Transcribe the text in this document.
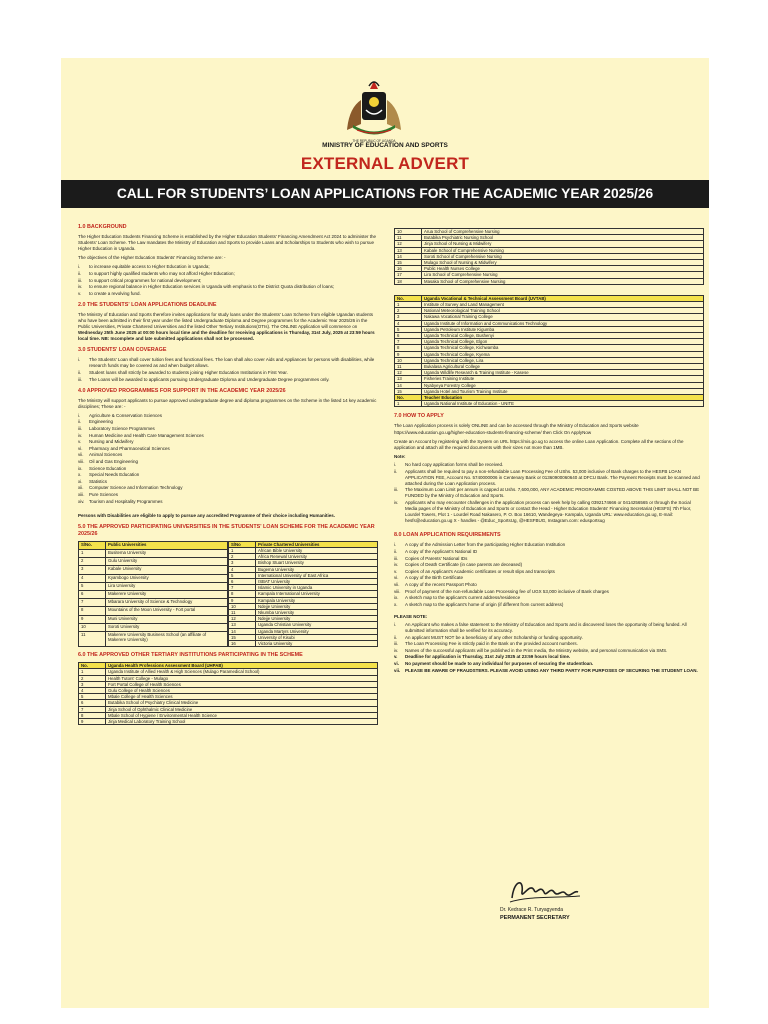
THE REPUBLIC OF UGANDA
MINISTRY OF EDUCATION AND SPORTS
EXTERNAL ADVERT
CALL FOR STUDENTS’ LOAN APPLICATIONS FOR THE ACADEMIC YEAR 2025/26
1.0 BACKGROUND
The Higher Education Students Financing Scheme is established by the Higher Education Students' Financing Amendment Act 2024 to administer the Students' Loan Scheme. The Law mandates the Ministry of Education and Sports to provide Loans and Scholarships to Students who wish to pursue Higher Education in Uganda.
The objectives of the Higher Education Students' Financing Scheme are: -
i.	to increase equitable access to Higher Education in Uganda;
ii.	to support highly qualified students who may not afford Higher Education;
iii.	to support critical programmes for national development;
iv.	to ensure regional balance in Higher Education services in Uganda with emphasis to the District Quota distribution of loans;
v.	to create a revolving fund.
2.0 THE STUDENTS' LOAN APPLICATIONS DEADLINE
The Ministry of Education and Sports therefore invites applications for study loans under the Students' Loan Scheme from eligible Ugandan students who have been admitted in their first year under the listed Undergraduate Diploma and Degree programmes for the Academic Year 2025/26 in the Public Universities, Private Chartered Universities and the listed Other Tertiary Institutions(OTIs). The ONLINE Application will commence on Wednesday 25th June 2025 at 00:00 hours local time and the deadline for receiving applications is Thursday, 31st July, 2025 at 23:59 hours local time. NB: Incomplete and late submitted applications shall not be processed.
3.0 STUDENTS' LOAN COVERAGE
i.	The Students' Loan shall cover tuition fees and functional fees. The loan shall also cover Aids and Appliances for persons with disabilities, while research funds may be covered as and when budget allows.
ii.	Student loans shall strictly be awarded to students joining Higher Education Institutions in First Year.
iii.	The Loans will be awarded to applicants pursuing Undergraduate Diploma and Undergraduate Degree programmes only.
4.0 APPROVED PROGRAMMES FOR SUPPORT IN THE ACADEMIC YEAR 2025/26
The Ministry will support applicants to pursue approved undergraduate degree and diploma programmes on the Scheme in the listed 14 key academic disciplines; These are: -
i.	Agriculture & Conservation Sciences
ii.	Engineering
iii.	Laboratory Science Programmes
iv.	Human Medicine and Health Care Management Sciences
v.	Nursing and Midwifery
vi.	Pharmacy and Pharmaceutical Sciences
vii.	Animal Sciences
viii.	Oil and Gas Engineering
ix.	Science Education
x.	Special Needs Education
xi.	Statistics
xii.	Computer Science and Information Technology
xiii.	Pure Sciences
xiv.	Tourism and Hospitality Programmes
Persons with Disabilities are eligible to apply to pursue any accredited Programme of their choice including Humanities.
5.0 THE APPROVED PARTICIPATING UNIVERSITIES IN THE STUDENTS' LOAN SCHEME FOR THE ACADEMIC YEAR 2025/26
S/No.	Public Universities
1	Busitema University
2	Gulu University
3	Kabale University
4	Kyambogo University
5	Lira University
6	Makerere University
7	Mbarara University of Science & Technology
8	Mountains of the Moon University - Fort portal
9	Muni University
10	Soroti University
11	Makerere University Business School (an affiliate of Makerere University)
S/No	Private Chartered Universities
1	African Bible University
2	Africa Renewal University
3	Bishop Stuart University
4	Bugema University
5	International University of East Africa
6	ISBAT University
7	Islamic University in Uganda
8	Kampala International University
9	Kampala University
10	Ndejje University
11	Nkumba University
12	Ndejje University
13	Uganda Christian University
14	Uganda Martyrs University
15	University of Kisubi
16	Victoria University
6.0 THE APPROVED OTHER TERTIARY INSTITUTIONS PARTICIPATING IN THE SCHEME
No.	Uganda Health Professions Assessment Board (UHPAB)
1	Uganda Institute of Allied Health & High Sciences (Mulago Paramedical School)
2	Health Tutors' College - Mulago
3	Fort Portal College of Health Sciences
4	Gulu College of Health Sciences
5	Mbale College of Health Sciences
6	Butabika School of Psychiatry Clinical Medicine
7	Jinja School of Ophthalmic Clinical Medicine
8	Mbale School of Hygiene / Environmental Health Science
9	Jinja Medical Laboratory Training School
10	Arua School of Comprehensive Nursing
11	Butabika Psychiatric Nursing School
12	Jinja School of Nursing & Midwifery
13	Kabale School of Comprehensive Nursing
14	Soroti School of Comprehensive Nursing
15	Mulago School of Nursing & Midwifery
16	Public Health Nurses College
17	Lira School of Comprehensive Nursing
18	Masaka School of Comprehensive Nursing
No.	Uganda Vocational & Technical Assessment Board (UVTAB)
1	Institute of Survey and Land Management
2	National Meteorological Training School
3	Nakawa Vocational Training College
4	Uganda Institute of Information and Communications Technology
5	Uganda Petroleum Institute Kigumba
6	Uganda Technical College, Bushenyi
7	Uganda Technical College, Elgon
8	Uganda Technical College, Kichwamba
9	Uganda Technical College, Kyema
10	Uganda Technical College, Lira
11	Bukalasa Agricultural College
12	Uganda Wildlife Research & Training Institute - Kasese
13	Fisheries Training Institute
14	Nyabyeya Forestry College
15	Uganda Hotel and Tourism Training Institute
No.	Teacher Education
1	Uganda National Institute of Education - UNITE
7.0 HOW TO APPLY
The Loan Application process is solely ONLINE and can be accessed through the Ministry of Education and Sports website https://www.education.go.ug/higher-education-students-financing-scheme/ then Click On ApplyNow
Create an Account by registering with the System on URL https://mis.go.ug to access the online Loan Application. Complete all the sections of the application and attach all the required documents with their sizes not more than 1MB.
Note:
i.	No hard copy application forms shall be received.
ii.	Applicants shall be required to pay a non-refundable Loan Processing Fee of UShs. 53,000 inclusive of Bank charges to the HESFB LOAN APPLICATION FEE, Account No. 5740000006 in Centenary Bank or 01360900060640 at DFCU Bank. The Payment Receipts must be scanned and attached during the Loan Application process.
iii.	The Maximum Loan Limit per annum is capped at Ushs. 7,600,000, ANY ACADEMIC PROGRAMME COSTED ABOVE THIS LIMIT SHALL NOT BE FUNDED by the Ministry of Education and Sports.
iv.	Applicants who may encounter challenges in the application process can seek help by calling 0392174666 or 0414256565 or through the Social Media pages of the Ministry of Education and Sports or contact the Head - Higher Education Students' Financing Secretariat (HESFS) 7th Floor, Lourdel Towers, Plot 1 - Lourdel Road Nakasero, P. O. Box 16610, Wandegeya- Kampala, Uganda URL: www.education.go.ug, E-mail: hesfs@education.go.ug X - handles - @Educ_SportsUg, @HESFBUG, Instagram.com: edusportsug
8.0 LOAN APPLICATION REQUIREMENTS
i.	A copy of the Admission Letter from the participating Higher Education Institution
ii.	A copy of the Applicant's National ID
iii.	Copies of Parents' National IDs
iv.	Copies of Death Certificate (in case parents are deceased)
v.	Copies of an Applicant's Academic certificates or result slips and transcripts
vi.	A copy of the Birth Certificate
vii.	A copy of the recent Passport Photo
viii.	Proof of payment of the non-refundable Loan Processing fee of UGX 53,000 inclusive of Bank charges
ix.	A sketch map to the applicant's current address/residence
x.	A sketch map to the applicant's home of origin (if different from current address)
PLEASE NOTE:
i.	An Applicant who makes a false statement to the Ministry of Education and Sports and is discovered loses the opportunity of being funded. All submitted information shall be verified for its accuracy.
ii.	An applicant MUST NOT be a beneficiary of any other Scholarship or funding opportunity.
iii.	The Loan Processing Fee is strictly paid in the Bank on the provided account numbers.
iv.	Names of the successful applicants will be published in the Print media, the Ministry website, and personal communication via SMS.
v.	Deadline for application is Thursday, 31st July 2025 at 23:59 hours local time.
vi.	No payment should be made to any individual for purposes of securing the studentloan.
vii.	PLEASE BE AWARE OF FRAUDSTERS. PLEASE AVOID USING ANY THIRD PARTY FOR PURPOSES OF SECURING THE STUDENT LOAN.
Dr. Kedrace R. Turyagyenda
PERMANENT SECRETARY
